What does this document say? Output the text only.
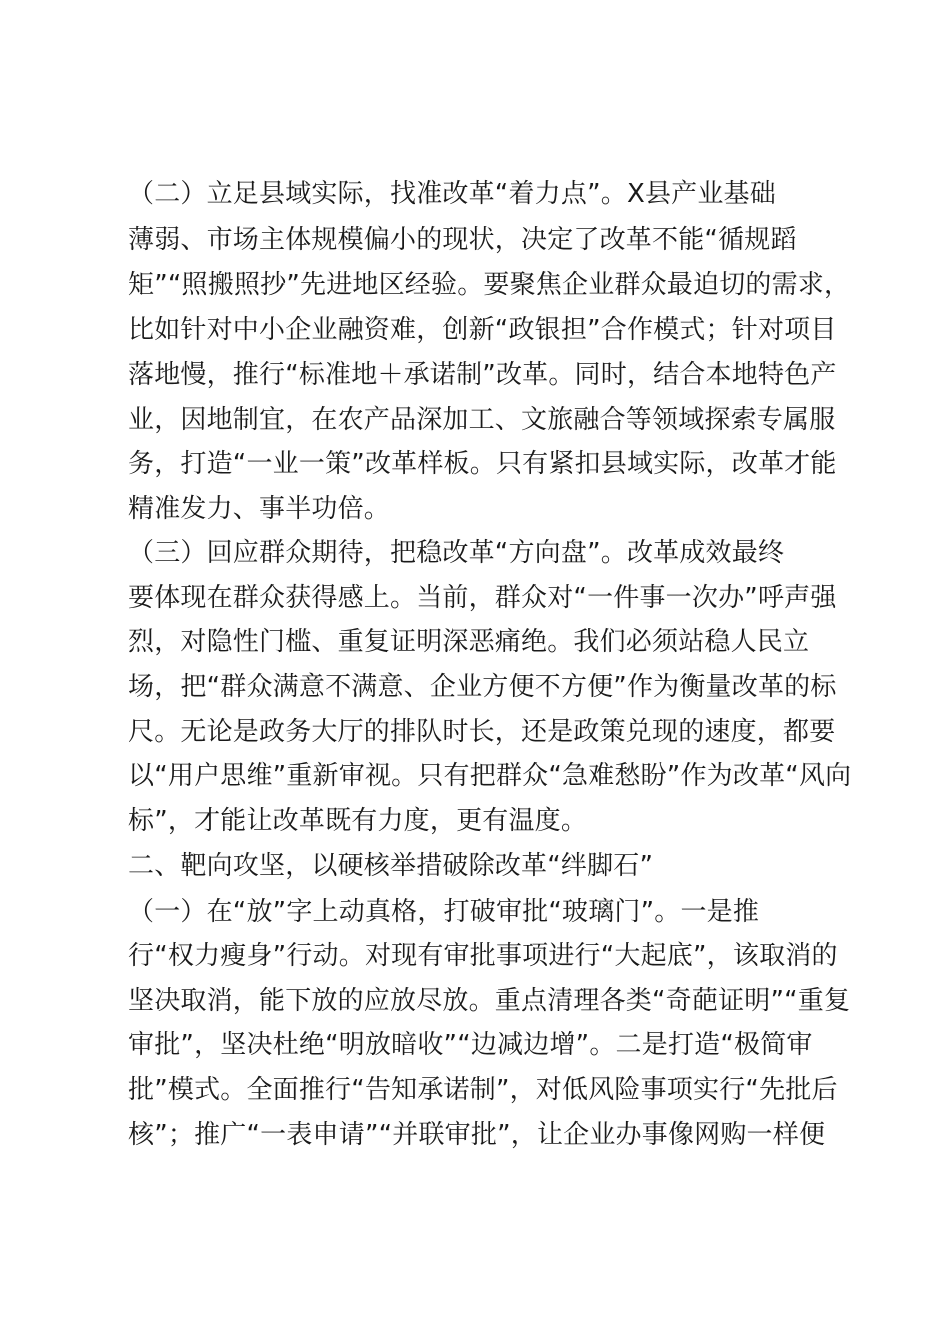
（二）立足县域实际，找准改革“着力点”。X县产业基础
薄弱、市场主体规模偏小的现状，决定了改革不能“循规蹈
矩”“照搬照抄”先进地区经验。要聚焦企业群众最迫切的需求，
比如针对中小企业融资难，创新“政银担”合作模式；针对项目
落地慢，推行“标准地＋承诺制”改革。同时，结合本地特色产
业，因地制宜，在农产品深加工、文旅融合等领域探索专属服
务，打造“一业一策”改革样板。只有紧扣县域实际，改革才能
精准发力、事半功倍。
（三）回应群众期待，把稳改革“方向盘”。改革成效最终
要体现在群众获得感上。当前，群众对“一件事一次办”呼声强
烈，对隐性门槛、重复证明深恶痛绝。我们必须站稳人民立
场，把“群众满意不满意、企业方便不方便”作为衡量改革的标
尺。无论是政务大厅的排队时长，还是政策兑现的速度，都要
以“用户思维”重新审视。只有把群众“急难愁盼”作为改革“风向
标”，才能让改革既有力度，更有温度。
二、靶向攻坚，以硬核举措破除改革“绊脚石”
（一）在“放”字上动真格，打破审批“玻璃门”。一是推
行“权力瘦身”行动。对现有审批事项进行“大起底”，该取消的
坚决取消，能下放的应放尽放。重点清理各类“奇葩证明”“重复
审批”，坚决杜绝“明放暗收”“边减边增”。二是打造“极简审
批”模式。全面推行“告知承诺制”，对低风险事项实行“先批后
核”；推广“一表申请”“并联审批”，让企业办事像网购一样便
